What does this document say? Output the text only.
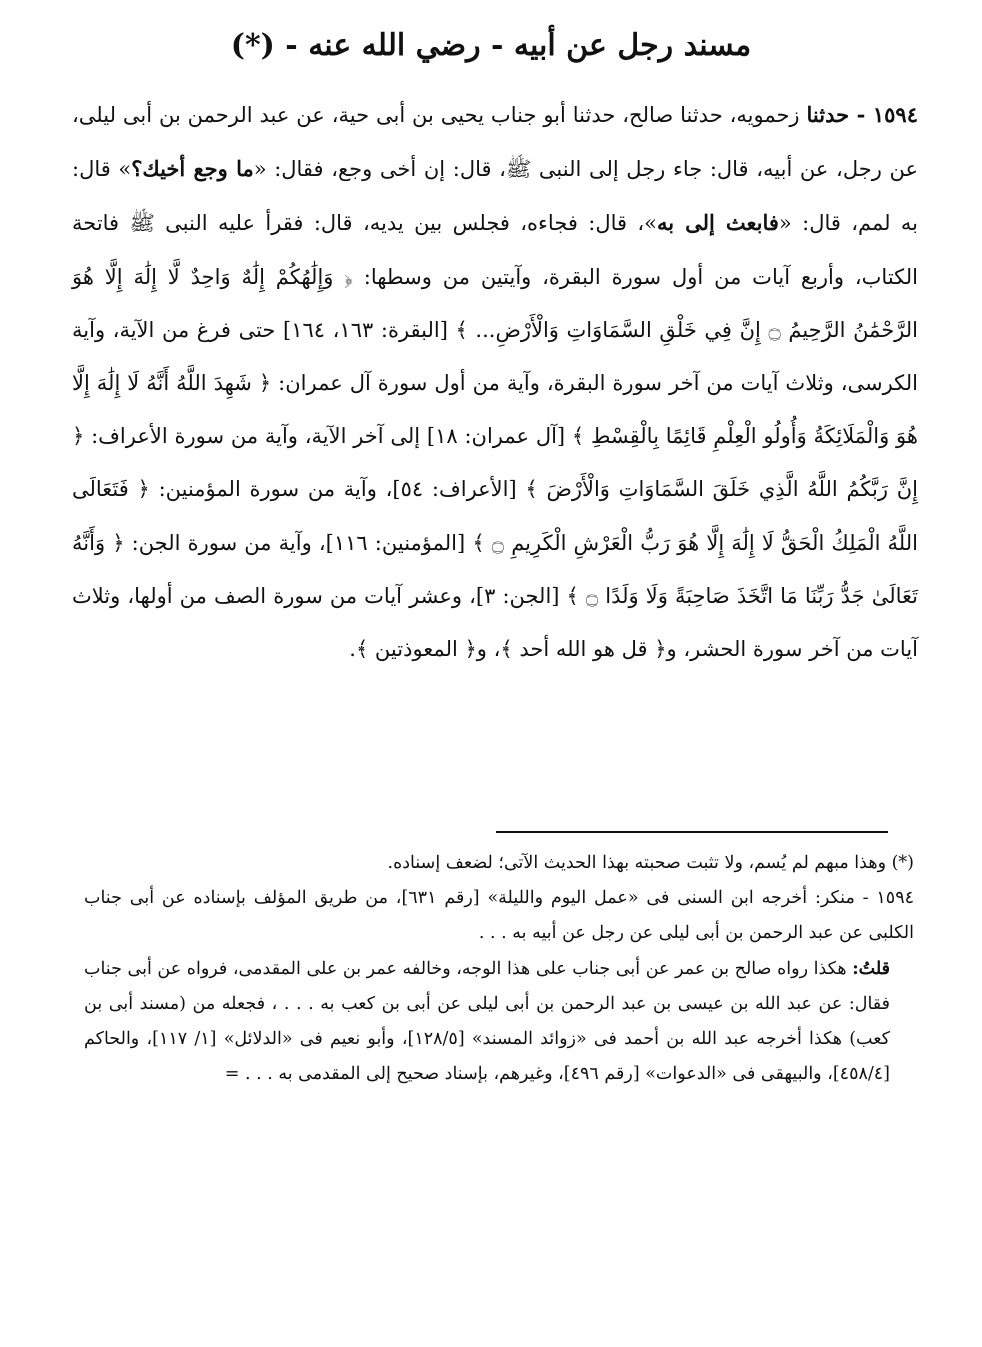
مسند رجل عن أبيه - رضي الله عنه - (*)
١٥٩٤ - حدثنا زحمويه، حدثنا صالح، حدثنا أبو جناب يحيى بن أبى حية، عن عبد الرحمن بن أبى ليلى، عن رجل، عن أبيه، قال: جاء رجل إلى النبى ﷺ، قال: إن أخى وجع، فقال: «ما وجع أخيك؟» قال: به لمم، قال: «فابعث إلى به»، قال: فجاءه، فجلس بين يديه، قال: فقرأ عليه النبى ﷺ فاتحة الكتاب، وأربع آيات من أول سورة البقرة، وآيتين من وسطها: ﴿ وَإِلَٰهُكُمْ إِلَٰهٌ وَاحِدٌ لَّا إِلَٰهَ إِلَّا هُوَ الرَّحْمَٰنُ الرَّحِيمُ ۝ إِنَّ فِي خَلْقِ السَّمَاوَاتِ وَالْأَرْضِ... ﴾ [البقرة: ١٦٣، ١٦٤] حتى فرغ من الآية، وآية الكرسى، وثلاث آيات من آخر سورة البقرة، وآية من أول سورة آل عمران: ﴿ شَهِدَ اللَّهُ أَنَّهُ لَا إِلَٰهَ إِلَّا هُوَ وَالْمَلَائِكَةُ وَأُولُو الْعِلْمِ قَائِمًا بِالْقِسْطِ ﴾ [آل عمران: ١٨] إلى آخر الآية، وآية من سورة الأعراف: ﴿ إِنَّ رَبَّكُمُ اللَّهُ الَّذِي خَلَقَ السَّمَاوَاتِ وَالْأَرْضَ ﴾ [الأعراف: ٥٤]، وآية من سورة المؤمنين: ﴿ فَتَعَالَى اللَّهُ الْمَلِكُ الْحَقُّ لَا إِلَٰهَ إِلَّا هُوَ رَبُّ الْعَرْشِ الْكَرِيمِ ۝ ﴾ [المؤمنين: ١١٦]، وآية من سورة الجن: ﴿ وَأَنَّهُ تَعَالَىٰ جَدُّ رَبِّنَا مَا اتَّخَذَ صَاحِبَةً وَلَا وَلَدًا ۝ ﴾ [الجن: ٣]، وعشر آيات من سورة الصف من أولها، وثلاث آيات من آخر سورة الحشر، و﴿ قل هو الله أحد ﴾، و﴿ المعوذتين ﴾.

(*) وهذا مبهم لم يُسم، ولا تثبت صحبته بهذا الحديث الآتى؛ لضعف إسناده.

١٥٩٤ - منكر: أخرجه ابن السنى فى «عمل اليوم والليلة» [رقم ٦٣١]، من طريق المؤلف بإسناده عن أبى جناب الكلبى عن عبد الرحمن بن أبى ليلى عن رجل عن أبيه به . . .

قلتُ: هكذا رواه صالح بن عمر عن أبى جناب على هذا الوجه، وخالفه عمر بن على المقدمى، فرواه عن أبى جناب فقال: عن عبد الله بن عيسى بن عبد الرحمن بن أبى ليلى عن أبى بن كعب به . . . ، فجعله من (مسند أبى بن كعب) هكذا أخرجه عبد الله بن أحمد فى «زوائد المسند» [١٢٨/٥]، وأبو نعيم فى «الدلائل» [١/ ١١٧]، والحاكم [٤٥٨/٤]، والبيهقى فى «الدعوات» [رقم ٤٩٦]، وغيرهم، بإسناد صحيح إلى المقدمى به . . . =
